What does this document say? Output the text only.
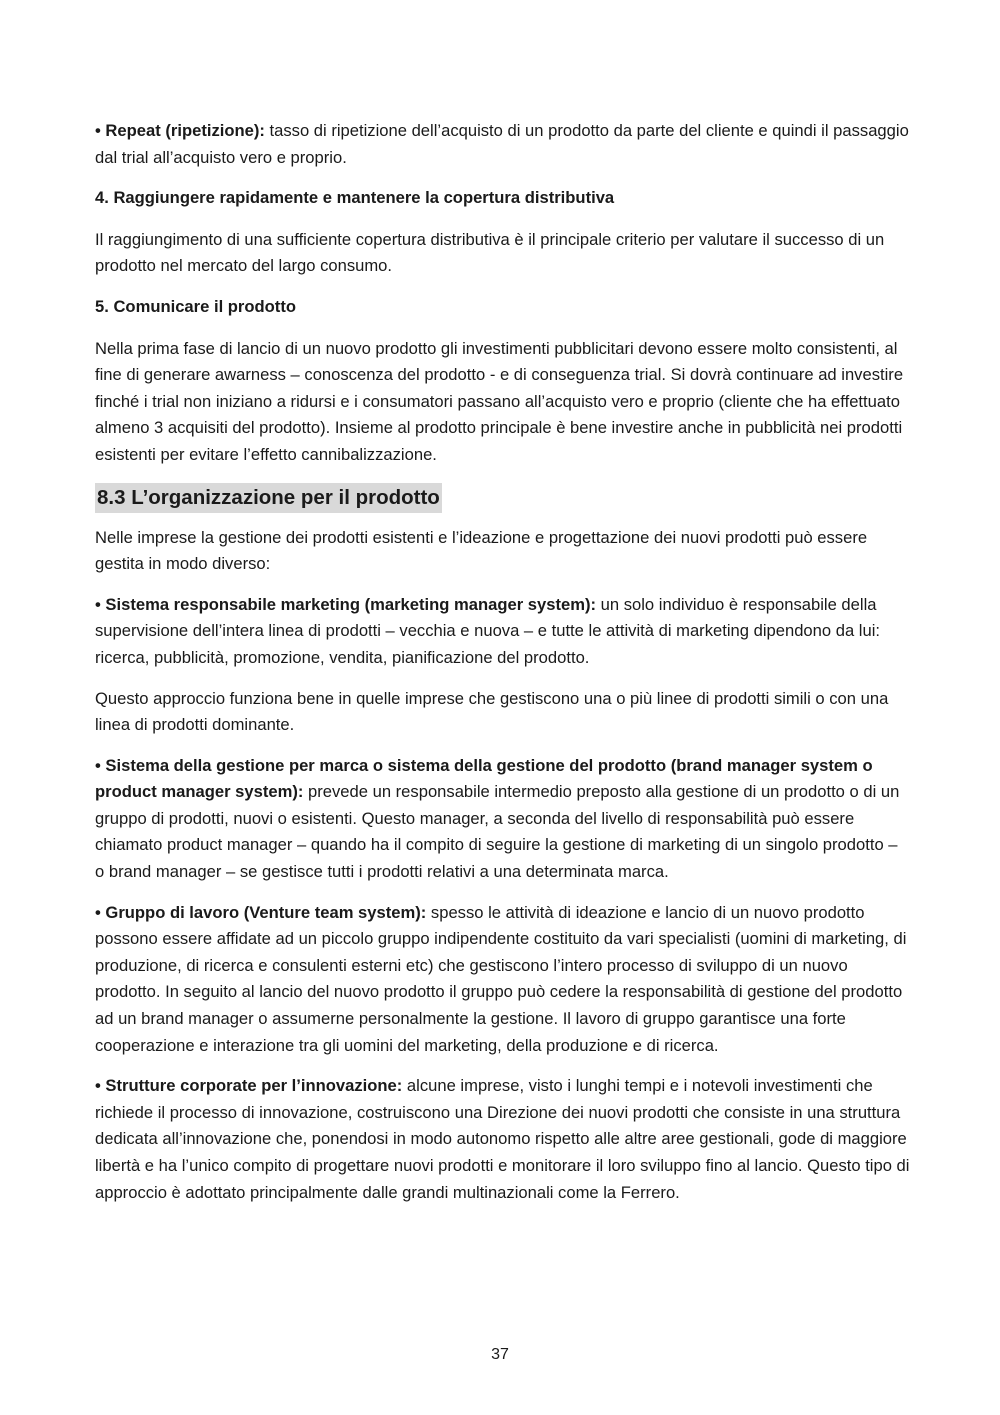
• Repeat (ripetizione): tasso di ripetizione dell’acquisto di un prodotto da parte del cliente e quindi il passaggio dal trial all’acquisto vero e proprio.

4. Raggiungere rapidamente e mantenere la copertura distributiva

Il raggiungimento di una sufficiente copertura distributiva è il principale criterio per valutare il successo di un prodotto nel mercato del largo consumo.

5. Comunicare il prodotto

Nella prima fase di lancio di un nuovo prodotto gli investimenti pubblicitari devono essere molto consistenti, al fine di generare awarness – conoscenza del prodotto - e di conseguenza trial. Si dovrà continuare ad investire finché i trial non iniziano a ridursi e i consumatori passano all’acquisto vero e proprio (cliente che ha effettuato almeno 3 acquisiti del prodotto). Insieme al prodotto principale è bene investire anche in pubblicità nei prodotti esistenti per evitare l’effetto cannibalizzazione.

8.3 L’organizzazione per il prodotto

Nelle imprese la gestione dei prodotti esistenti e l’ideazione e progettazione dei nuovi prodotti può essere gestita in modo diverso:

• Sistema responsabile marketing (marketing manager system): un solo individuo è responsabile della supervisione dell’intera linea di prodotti – vecchia e nuova – e tutte le attività di marketing dipendono da lui: ricerca, pubblicità, promozione, vendita, pianificazione del prodotto.

Questo approccio funziona bene in quelle imprese che gestiscono una o più linee di prodotti simili o con una linea di prodotti dominante.

• Sistema della gestione per marca o sistema della gestione del prodotto (brand manager system o product manager system): prevede un responsabile intermedio preposto alla gestione di un prodotto o di un gruppo di prodotti, nuovi o esistenti. Questo manager, a seconda del livello di responsabilità può essere chiamato product manager – quando ha il compito di seguire la gestione di marketing di un singolo prodotto – o brand manager – se gestisce tutti i prodotti relativi a una determinata marca.

• Gruppo di lavoro (Venture team system): spesso le attività di ideazione e lancio di un nuovo prodotto possono essere affidate ad un piccolo gruppo indipendente costituito da vari specialisti (uomini di marketing, di produzione, di ricerca e consulenti esterni etc) che gestiscono l’intero processo di sviluppo di un nuovo prodotto. In seguito al lancio del nuovo prodotto il gruppo può cedere la responsabilità di gestione del prodotto ad un brand manager o assumerne personalmente la gestione. Il lavoro di gruppo garantisce una forte cooperazione e interazione tra gli uomini del marketing, della produzione e di ricerca.

• Strutture corporate per l’innovazione: alcune imprese, visto i lunghi tempi e i notevoli investimenti che richiede il processo di innovazione, costruiscono una Direzione dei nuovi prodotti che consiste in una struttura dedicata all’innovazione che, ponendosi in modo autonomo rispetto alle altre aree gestionali, gode di maggiore libertà e ha l’unico compito di progettare nuovi prodotti e monitorare il loro sviluppo fino al lancio. Questo tipo di approccio è adottato principalmente dalle grandi multinazionali come la Ferrero.

37
